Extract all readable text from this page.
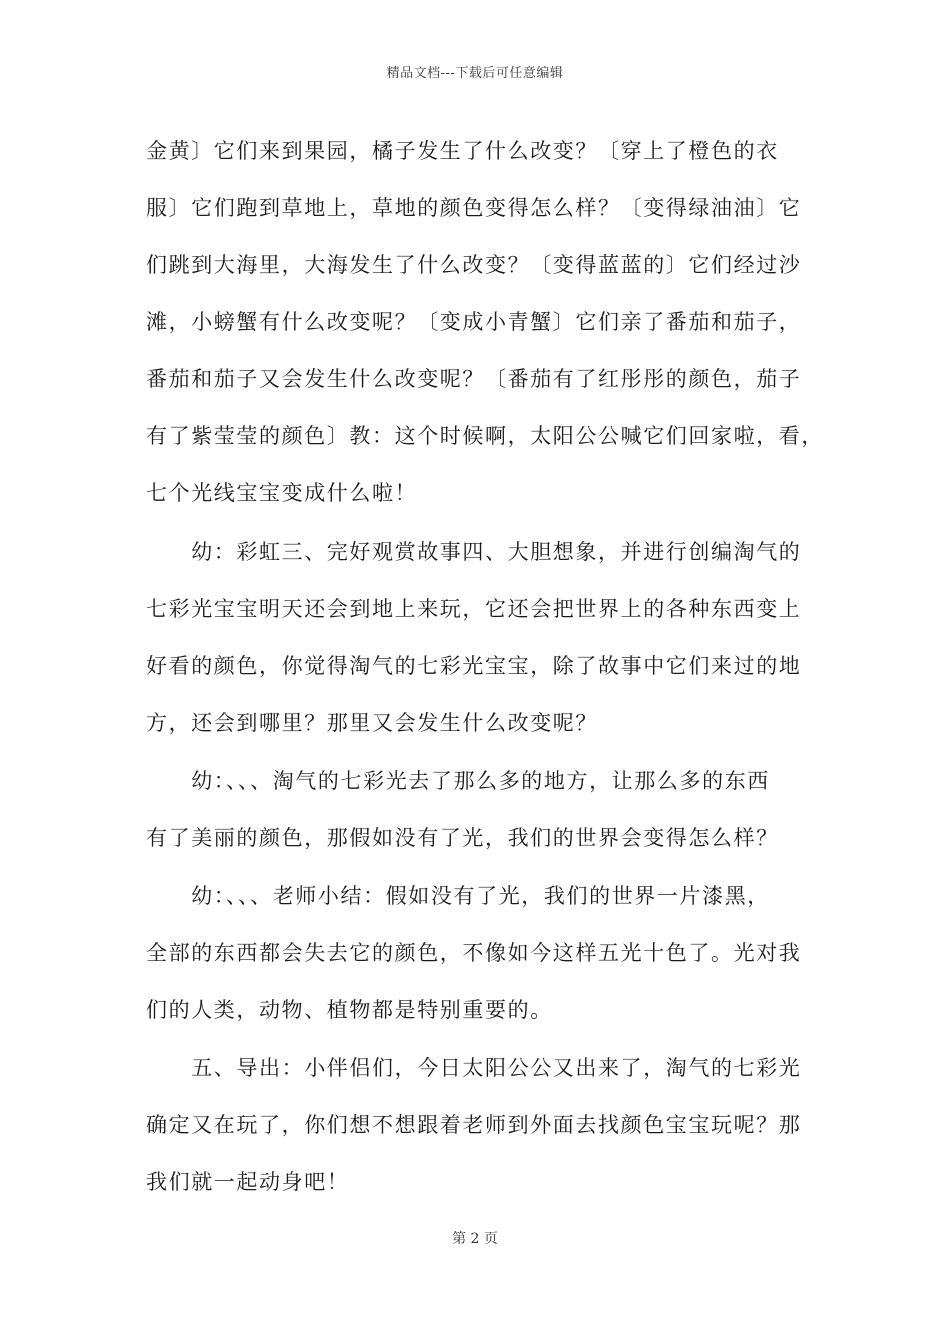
精品文档---下载后可任意编辑
金黄〕它们来到果园，橘子发生了什么改变？〔穿上了橙色的衣
服〕它们跑到草地上，草地的颜色变得怎么样？〔变得绿油油〕它
们跳到大海里，大海发生了什么改变？〔变得蓝蓝的〕它们经过沙
滩，小螃蟹有什么改变呢？〔变成小青蟹〕它们亲了番茄和茄子，
番茄和茄子又会发生什么改变呢？〔番茄有了红彤彤的颜色，茄子
有了紫莹莹的颜色〕教：这个时候啊，太阳公公喊它们回家啦，看，
七个光线宝宝变成什么啦！
　　幼：彩虹三、完好观赏故事四、大胆想象，并进行创编淘气的
七彩光宝宝明天还会到地上来玩，它还会把世界上的各种东西变上
好看的颜色，你觉得淘气的七彩光宝宝，除了故事中它们来过的地
方，还会到哪里？那里又会发生什么改变呢？
　　幼：、、、淘气的七彩光去了那么多的地方，让那么多的东西
有了美丽的颜色，那假如没有了光，我们的世界会变得怎么样？
　　幼：、、、老师小结：假如没有了光，我们的世界一片漆黑，
全部的东西都会失去它的颜色，不像如今这样五光十色了。光对我
们的人类，动物、植物都是特别重要的。
　　五、导出：小伴侣们，今日太阳公公又出来了，淘气的七彩光
确定又在玩了，你们想不想跟着老师到外面去找颜色宝宝玩呢？那
我们就一起动身吧！
第 2 页
